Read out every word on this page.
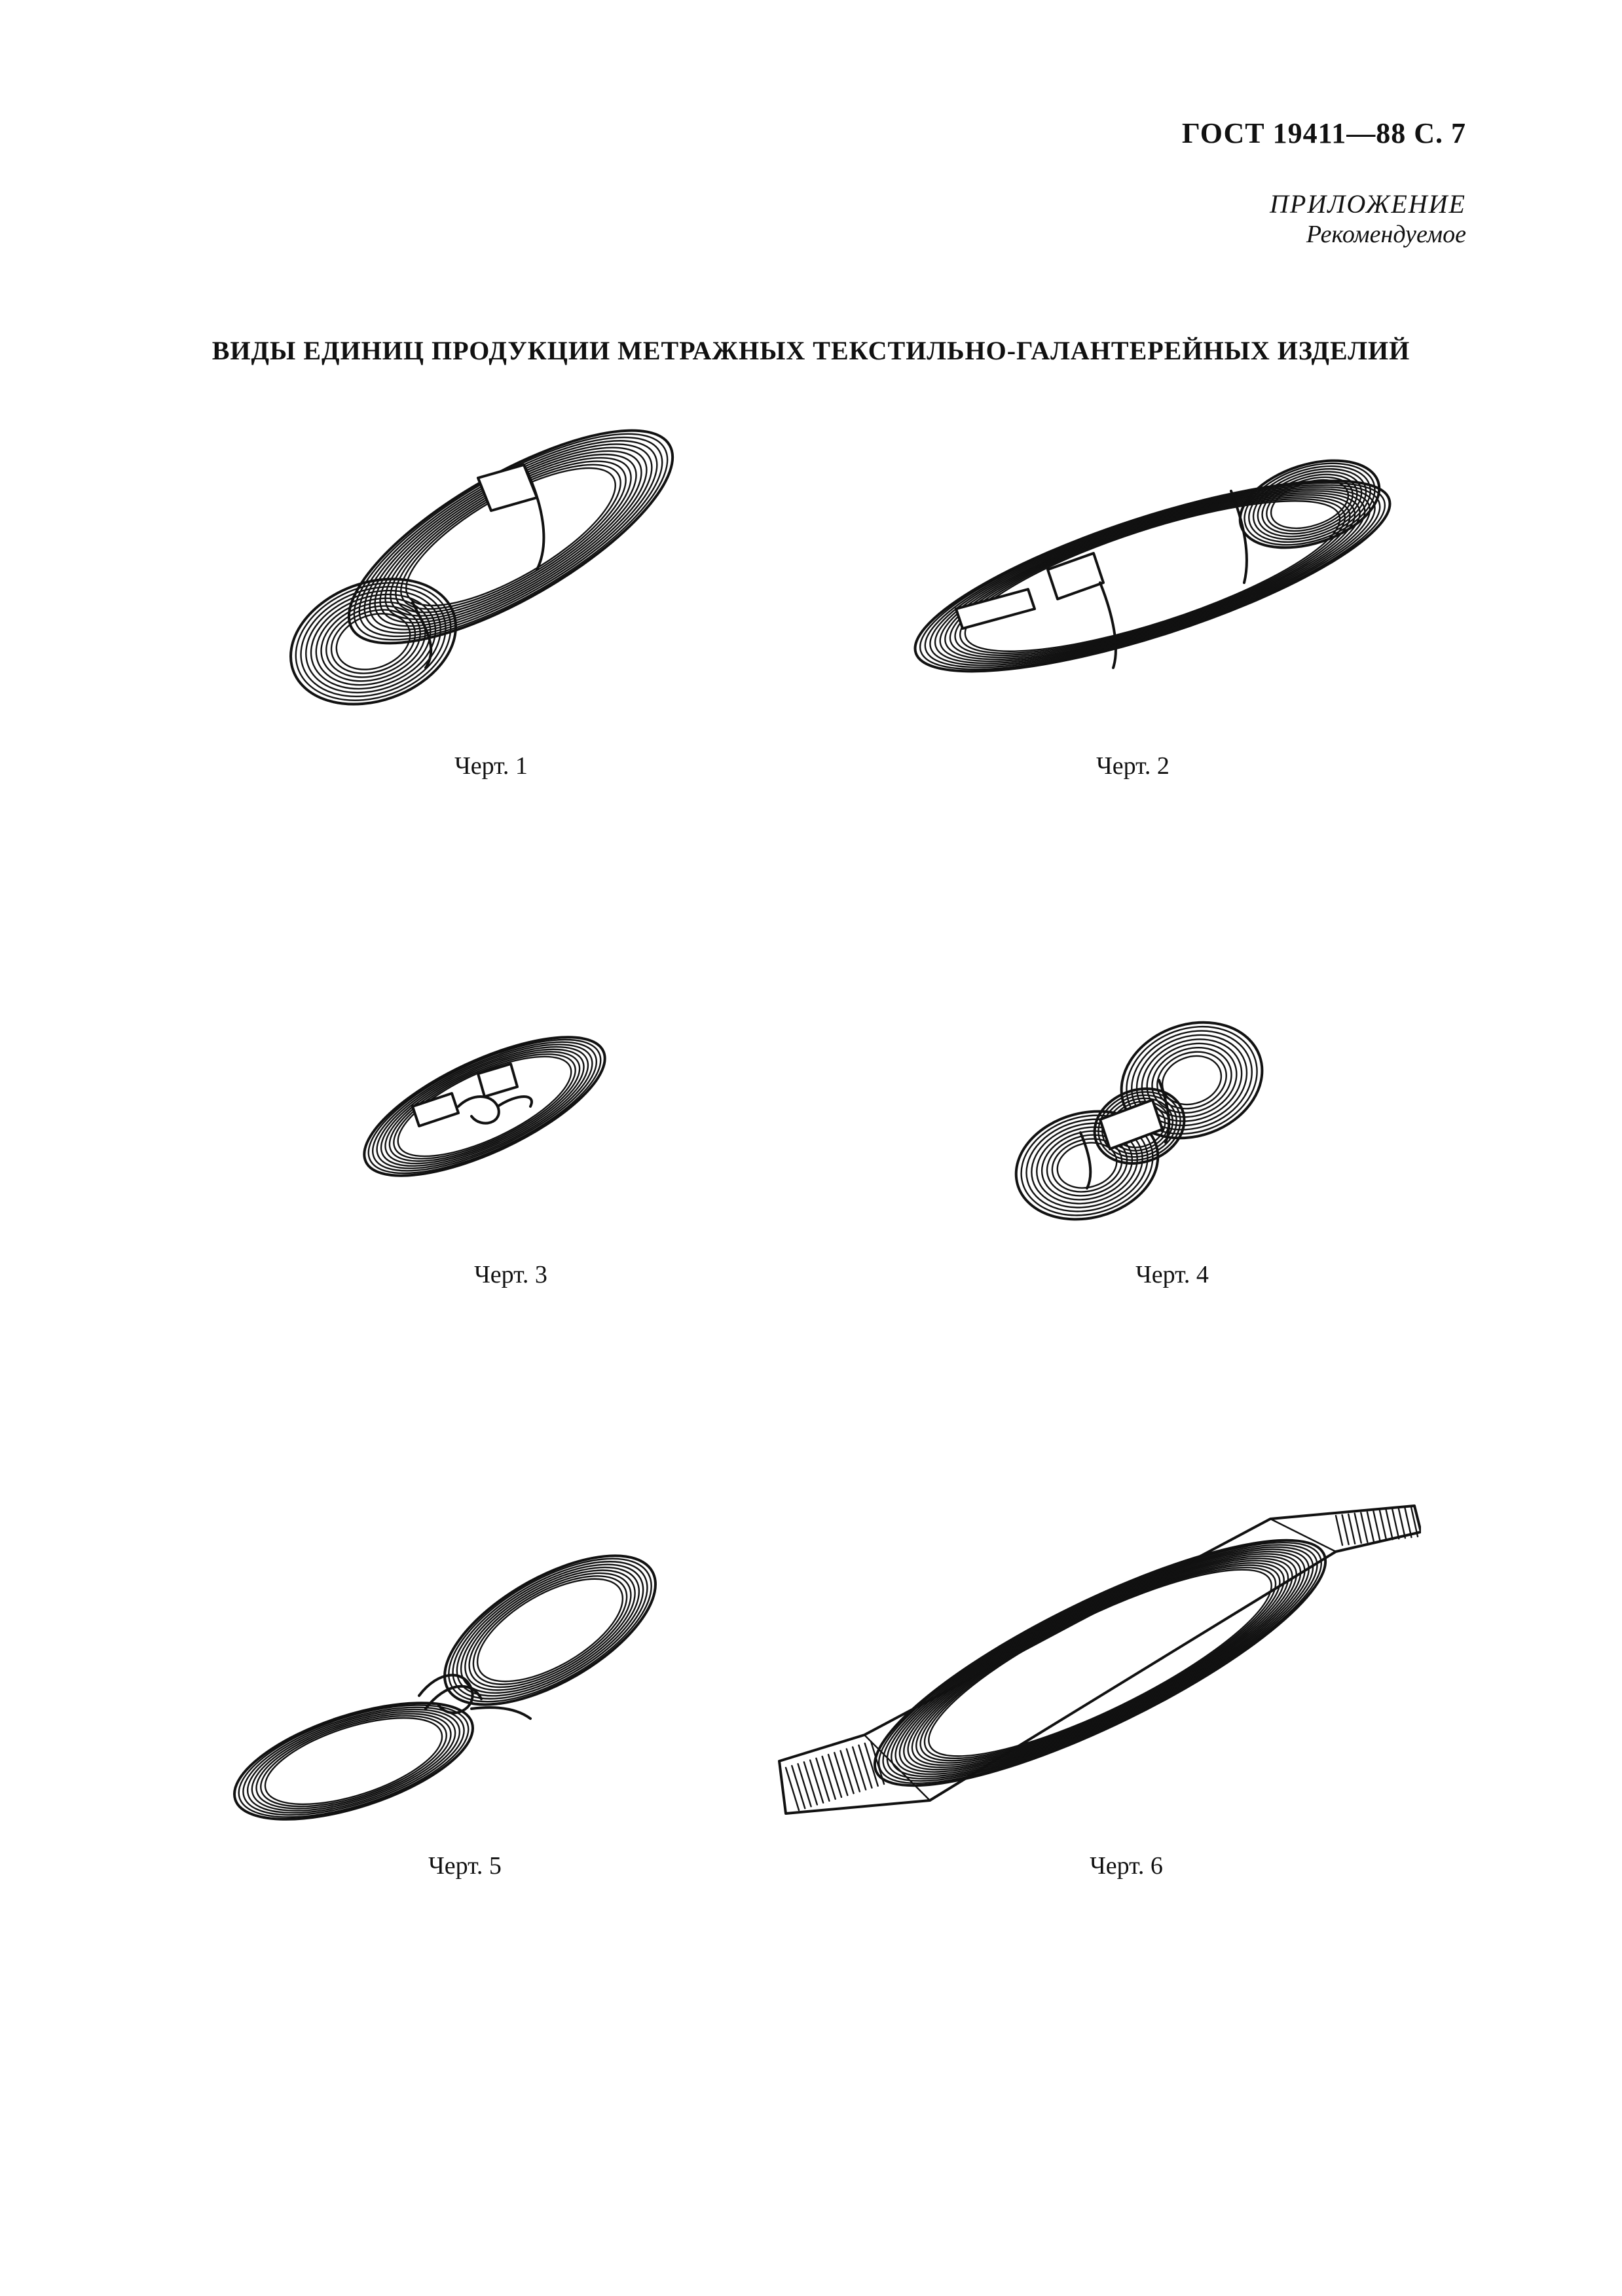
ГОСТ 19411—88 С. 7
ПРИЛОЖЕНИЕ
Рекомендуемое
ВИДЫ ЕДИНИЦ ПРОДУКЦИИ МЕТРАЖНЫХ ТЕКСТИЛЬНО-ГАЛАНТЕРЕЙНЫХ ИЗДЕЛИЙ
Черт. 1	Черт. 2
Черт. 3	Черт. 4
Черт. 5	Черт. 6
